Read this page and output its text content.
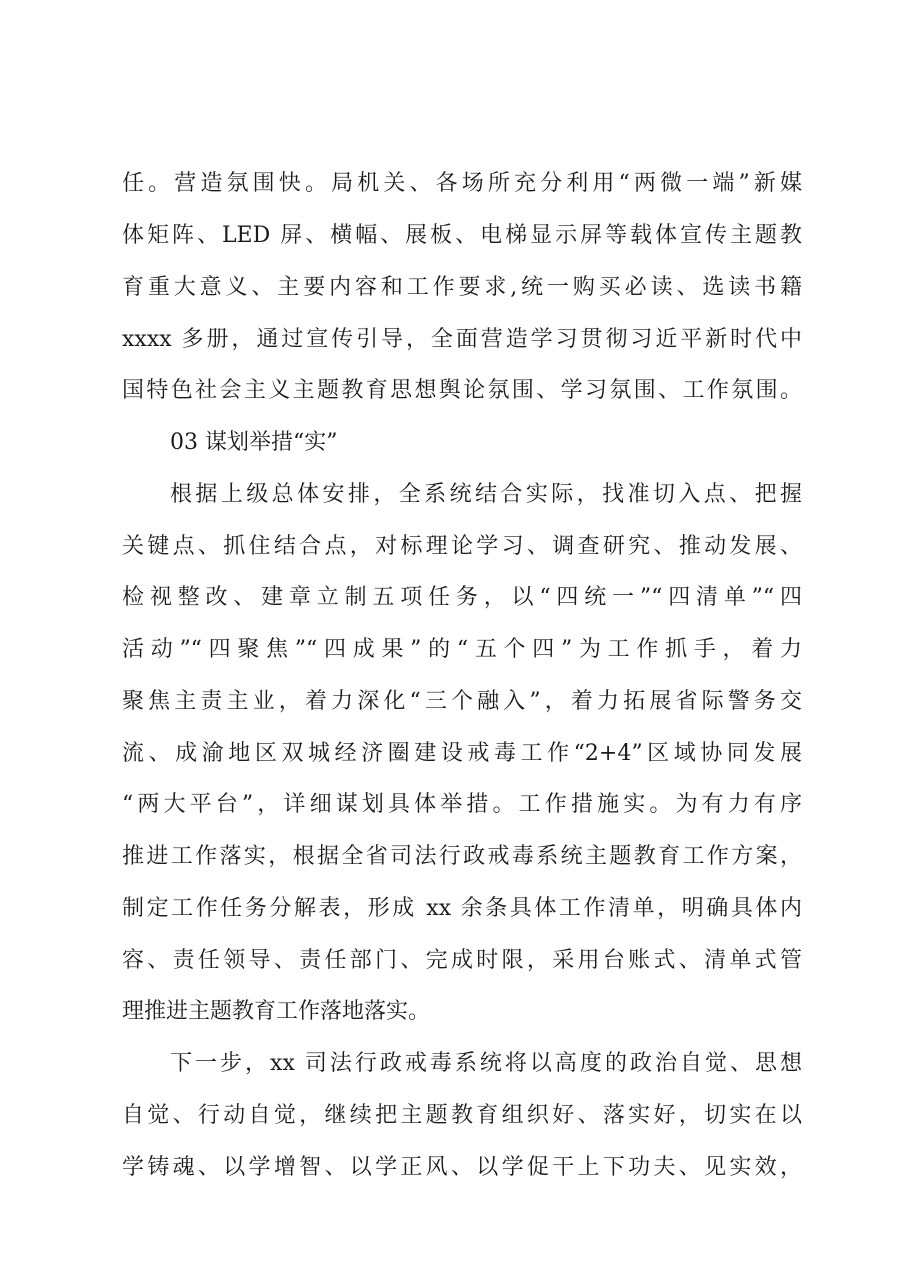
任。营造氛围快。局机关、各场所充分利用“两微一端”新媒
体矩阵、LED 屏、横幅、展板、电梯显示屏等载体宣传主题教
育重大意义、主要内容和工作要求,统一购买必读、选读书籍
xxxx 多册，通过宣传引导，全面营造学习贯彻习近平新时代中
国特色社会主义主题教育思想舆论氛围、学习氛围、工作氛围。
03 谋划举措“实”
根据上级总体安排，全系统结合实际，找准切入点、把握
关键点、抓住结合点，对标理论学习、调查研究、推动发展、
检视整改、建章立制五项任务，以“四统一”“四清单”“四
活动”“四聚焦”“四成果”的“五个四”为工作抓手，着力
聚焦主责主业，着力深化“三个融入”，着力拓展省际警务交
流、成渝地区双城经济圈建设戒毒工作“2+4”区域协同发展
“两大平台”，详细谋划具体举措。工作措施实。为有力有序
推进工作落实，根据全省司法行政戒毒系统主题教育工作方案，
制定工作任务分解表，形成 xx 余条具体工作清单，明确具体内
容、责任领导、责任部门、完成时限，采用台账式、清单式管
理推进主题教育工作落地落实。
下一步，xx 司法行政戒毒系统将以高度的政治自觉、思想
自觉、行动自觉，继续把主题教育组织好、落实好，切实在以
学铸魂、以学增智、以学正风、以学促干上下功夫、见实效，
